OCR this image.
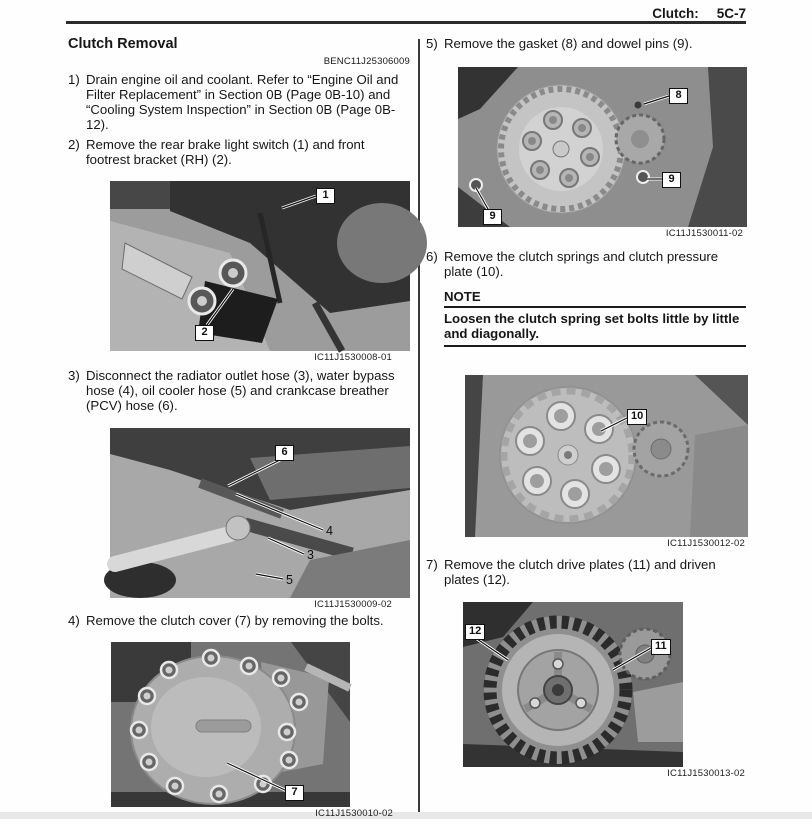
Clutch: 5C-7
Clutch Removal
BENC11J25306009
1) Drain engine oil and coolant. Refer to “Engine Oil and Filter Replacement” in Section 0B (Page 0B-10) and “Cooling System Inspection” in Section 0B (Page 0B-12).
2) Remove the rear brake light switch (1) and front footrest bracket (RH) (2).
1
2
IC11J1530008-01
3) Disconnect the radiator outlet hose (3), water bypass hose (4), oil cooler hose (5) and crankcase breather (PCV) hose (6).
6
4
3
5
IC11J1530009-02
4) Remove the clutch cover (7) by removing the bolts.
7
IC11J1530010-02
5) Remove the gasket (8) and dowel pins (9).
8
9
9
IC11J1530011-02
6) Remove the clutch springs and clutch pressure plate (10).
NOTE
Loosen the clutch spring set bolts little by little and diagonally.
10
IC11J1530012-02
7) Remove the clutch drive plates (11) and driven plates (12).
12
11
IC11J1530013-02
